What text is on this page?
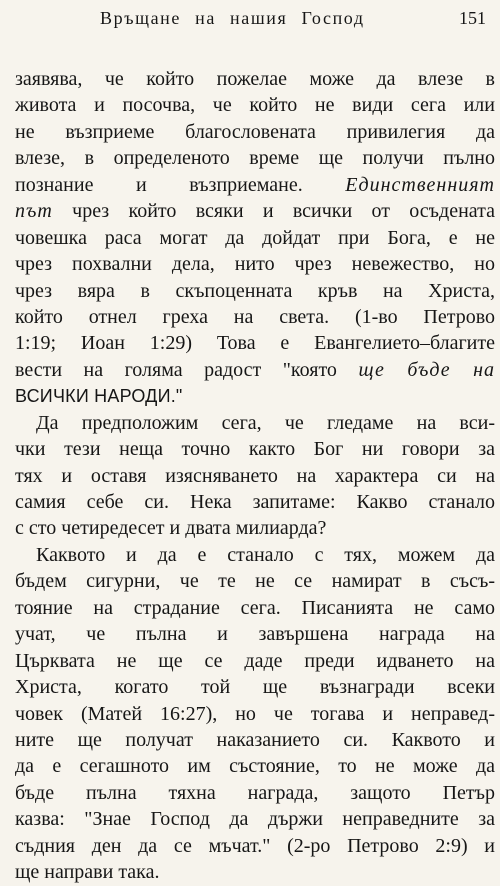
Връщане на нашия Господ	151
заявява, че който пожелае може да влезе в
живота и посочва, че който не види сега или
не възприеме благословената привилегия да
влезе, в определеното време ще получи пълно
познание и възприемане. Единственният
път чрез който всяки и всички от осъдената
човешка раса могат да дойдат при Бога, е не
чрез похвални дела, нито чрез невежество, но
чрез вяра в скъпоценната кръв на Христа,
който отнел греха на света. (1-во Петрово
1:19; Иоан 1:29) Това е Евангелието–благите
вести на голяма радост "която ще бъде на
ВСИЧКИ НАРОДИ."
Да предположим сега, че гледаме на вси-
чки тези неща точно както Бог ни говори за
тях и оставя изясняването на характера си на
самия себе си. Нека запитаме: Какво станало
с сто четиредесет и двата милиарда?
Каквото и да е станало с тях, можем да
бъдем сигурни, че те не се намират в съсъ-
тояние на страдание сега. Писанията не само
учат, че пълна и завършена награда на
Църквата не ще се даде преди идването на
Христа, когато той ще възнагради всеки
човек (Матей 16:27), но че тогава и неправед-
ните ще получат наказанието си. Каквото и
да е сегашното им състояние, то не може да
бъде пълна тяхна награда, защото Петър
казва: "Знае Господ да държи неправедните за
съдния ден да се мъчат." (2-ро Петрово 2:9) и
ще направи така.
